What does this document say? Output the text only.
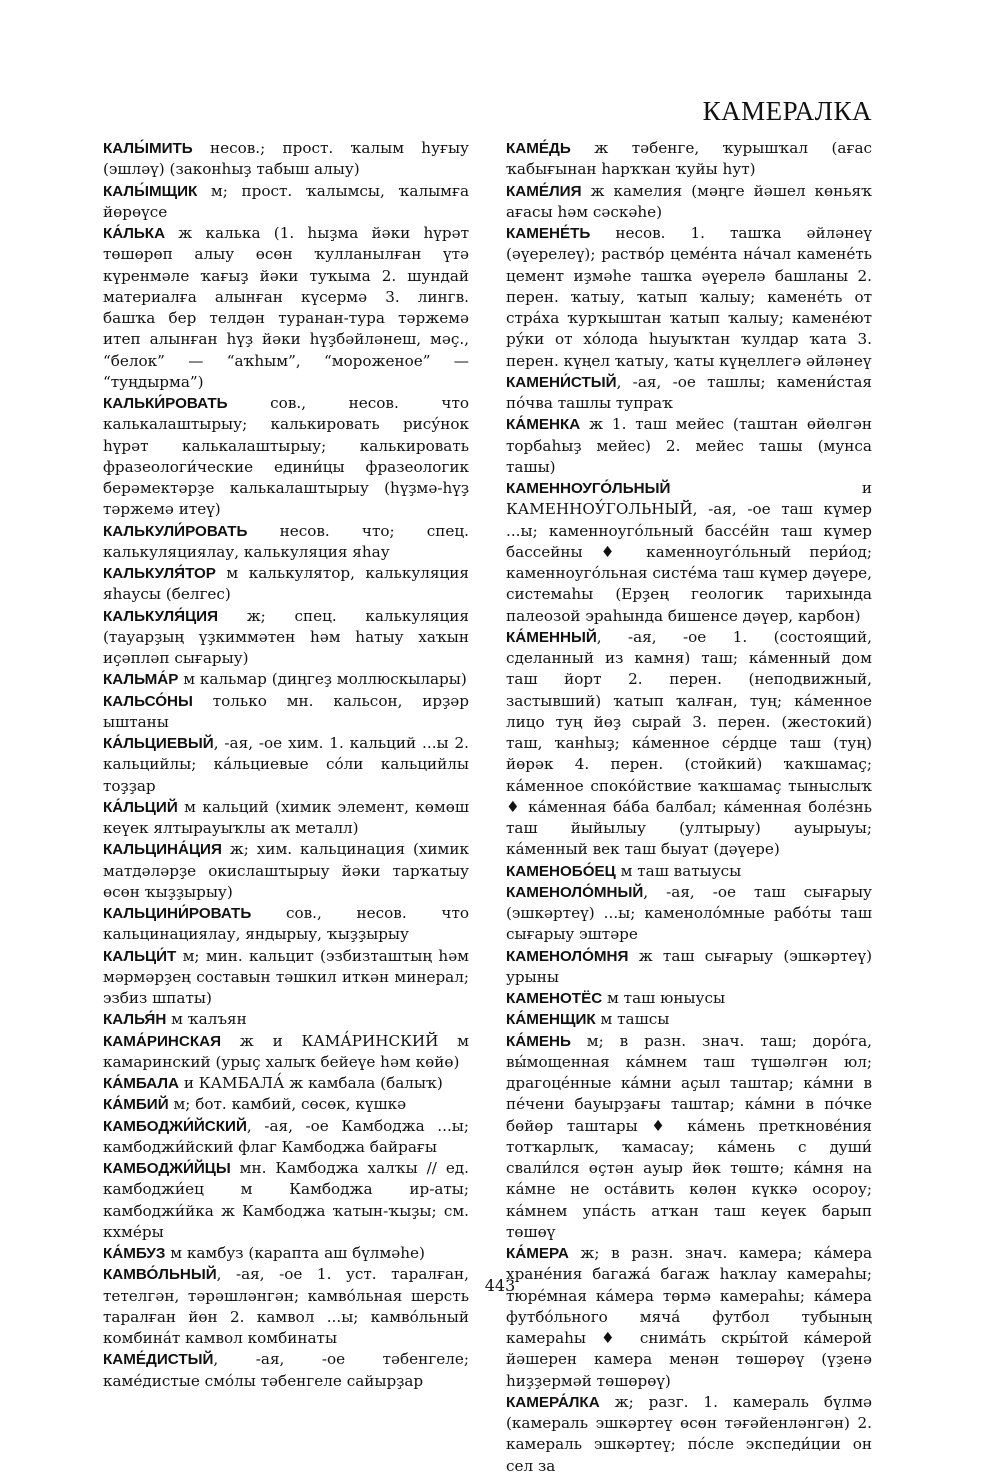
КАМЕРАЛКА

КАЛЫ́МИТЬ несов.; прост. ҡалым һуғыу (эшләү) (законһыҙ табыш алыу)

КАЛЫ́МЩИК м; прост. ҡалымсы, ҡалымға йөрөүсе

КА́ЛЬКА ж калька (1. һыҙма йәки һүрәт төшөрөп алыу өсөн ҡулланылған үтә күренмәле ҡағыҙ йәки туҡыма 2. шундай материалға алынған күсермә 3. лингв. башҡа бер телдән туранан-тура тәржемә итеп алынған һүҙ йәки һүҙбәйләнеш, мәҫ., “белок” — “аҡһым”, “мороженое” — “туңдырма”)

КАЛЬКИ́РОВАТЬ сов., несов. что калькалаштырыу; калькировать рису́нок һүрәт калькалаштырыу; калькировать фразеологи́ческие едини́цы фразеологик берәмектәрҙе калькалаштырыу (һүҙмә-һүҙ тәржемә итеү)

КАЛЬКУЛИ́РОВАТЬ несов. что; спец. калькуляциялау, калькуляция яһау

КАЛЬКУЛЯ́ТОР м калькулятор, калькуляция яһаусы (белгес)

КАЛЬКУЛЯ́ЦИЯ ж; спец. калькуляция (тауарҙың үҙкиммәтен һәм һатыу хаҡын иҫәпләп сығарыу)

КАЛЬМА́Р м кальмар (диңгеҙ моллюскылары)

КАЛЬСО́НЫ только мн. кальсон, ирҙәр ыштаны

КА́ЛЬЦИЕВЫЙ, -ая, -ое хим. 1. кальций ...ы 2. кальцийлы; ка́льциевые со́ли кальцийлы тоҙҙар

КА́ЛЬЦИЙ м кальций (химик элемент, көмөш кеүек ялтырауыҡлы аҡ металл)

КАЛЬЦИНА́ЦИЯ ж; хим. кальцинация (химик матдәләрҙе окислаштырыу йәки тарҡатыу өсөн ҡыҙҙырыу)

КАЛЬЦИНИ́РОВАТЬ сов., несов. что кальцинациялау, яндырыу, ҡыҙҙырыу

КАЛЬЦИ́Т м; мин. кальцит (эзбизташтың һәм мәрмәрҙең составын тәшкил иткән минерал; эзбиз шпаты)

КАЛЬЯ́Н м ҡалъян

КАМА́РИНСКАЯ ж и КАМА́РИНСКИЙ м камаринский (урыҫ халыҡ бейеүе һәм көйө)

КА́МБАЛА и КАМБАЛА́ ж камбала (балыҡ)

КА́МБИЙ м; бот. камбий, сөсөк, күшкә

КАМБОДЖИ́ЙСКИЙ, -ая, -ое Камбоджа ...ы; камбоджи́йский флаг Камбоджа байрағы

КАМБОДЖИ́ЙЦЫ мн. Камбоджа халҡы // ед. камбоджи́ец м Камбоджа ир-аты; камбоджи́йка ж Камбоджа ҡатын-ҡыҙы; см. кхме́ры

КА́МБУЗ м камбуз (карапта аш бүлмәһе)

КАМВО́ЛЬНЫЙ, -ая, -ое 1. уст. таралған, тетелгән, тәрәшләнгән; камво́льная шерсть таралған йөн 2. камвол ...ы; камво́льный комбина́т камвол комбинаты

КАМЕ́ДИСТЫЙ, -ая, -ое тәбенгеле; каме́дистые смо́лы тәбенгеле сайырҙар

КАМЕ́ДЬ ж тәбенге, ҡурышҡал (ағас ҡабығынан һарҡҡан ҡуйы һут)

КАМЕ́ЛИЯ ж камелия (мәңге йәшел көньяҡ ағасы һәм сәскәһе)

КАМЕНЕ́ТЬ несов. 1. ташҡа әйләнеү (әүерелеү); раство́р цеме́нта на́чал камене́ть цемент иҙмәһе ташҡа әүерелә башланы 2. перен. ҡатыу, ҡатып ҡалыу; камене́ть от стра́ха ҡурҡыштан ҡатып ҡалыу; камене́ют ру́ки от хо́лода һыуыҡтан ҡулдар ҡата 3. перен. күңел ҡатыу, ҡаты күңеллегә әйләнеү

КАМЕНИ́СТЫЙ, -ая, -ое ташлы; камени́стая по́чва ташлы тупраҡ

КА́МЕНКА ж 1. таш мейес (таштан өйөлгән торбаһыҙ мейес) 2. мейес ташы (мунса ташы)

КАМЕННОУГО́ЛЬНЫЙ и КАМЕННОУ́ГОЛЬНЫЙ, -ая, -ое таш күмер ...ы; каменноуго́льный бассе́йн таш күмер бассейны ♦ каменноуго́льный пери́од; каменноуго́льная систе́ма таш күмер дәүере, системаһы (Ерҙең геологик тарихында палеозой эраһында бишенсе дәүер, карбон)

КА́МЕННЫЙ, -ая, -ое 1. (состоящий, сделанный из камня) таш; ка́менный дом таш йорт 2. перен. (неподвижный, застывший) ҡатып ҡалған, туң; ка́менное лицо туң йөҙ сырай 3. перен. (жестокий) таш, ҡанһыҙ; ка́менное се́рдце таш (туң) йөрәк 4. перен. (стойкий) ҡаҡшамаҫ; ка́менное споко́йствие ҡаҡшамаҫ тыныслыҡ ♦ ка́менная ба́ба балбал; ка́менная боле́знь таш йыйылыу (ултырыу) ауырыуы; ка́менный век таш быуат (дәүере)

КАМЕНОБО́ЕЦ м таш ватыусы

КАМЕНОЛО́МНЫЙ, -ая, -ое таш сығарыу (эшкәртеү) ...ы; каменоло́мные рабо́ты таш сығарыу эштәре

КАМЕНОЛО́МНЯ ж таш сығарыу (эшкәртеү) урыны

КАМЕНОТЁС м таш юныусы

КА́МЕНЩИК м ташсы

КА́МЕНЬ м; в разн. знач. таш; доро́га, вы́мощенная ка́мнем таш түшәлгән юл; драгоце́нные ка́мни аҫыл таштар; ка́мни в пе́чени бауырҙағы таштар; ка́мни в по́чке бөйөр таштары ♦ ка́мень преткнове́ния тотҡарлыҡ, ҡамасау; ка́мень с души́ свали́лся өҫтән ауыр йөк төштө; ка́мня на ка́мне не оста́вить көлөн күккә осороу; ка́мнем упа́сть атҡан таш кеүек барып төшөү

КА́МЕРА ж; в разн. знач. камера; ка́мера хране́ния багажа́ багаж һаҡлау камераһы; тюре́мная ка́мера төрмә камераһы; ка́мера футбо́льного мяча́ футбол тубының камераһы ♦ снима́ть скры́той ка́мерой йәшерен камера менән төшөрөү (үҙенә һиҙҙермәй төшөрөү)

КАМЕРА́ЛКА ж; разг. 1. камераль бүлмә (камераль эшкәртеү өсөн тәғәйенләнгән) 2. камераль эшкәртеү; по́сле экспеди́ции он сел за

443
